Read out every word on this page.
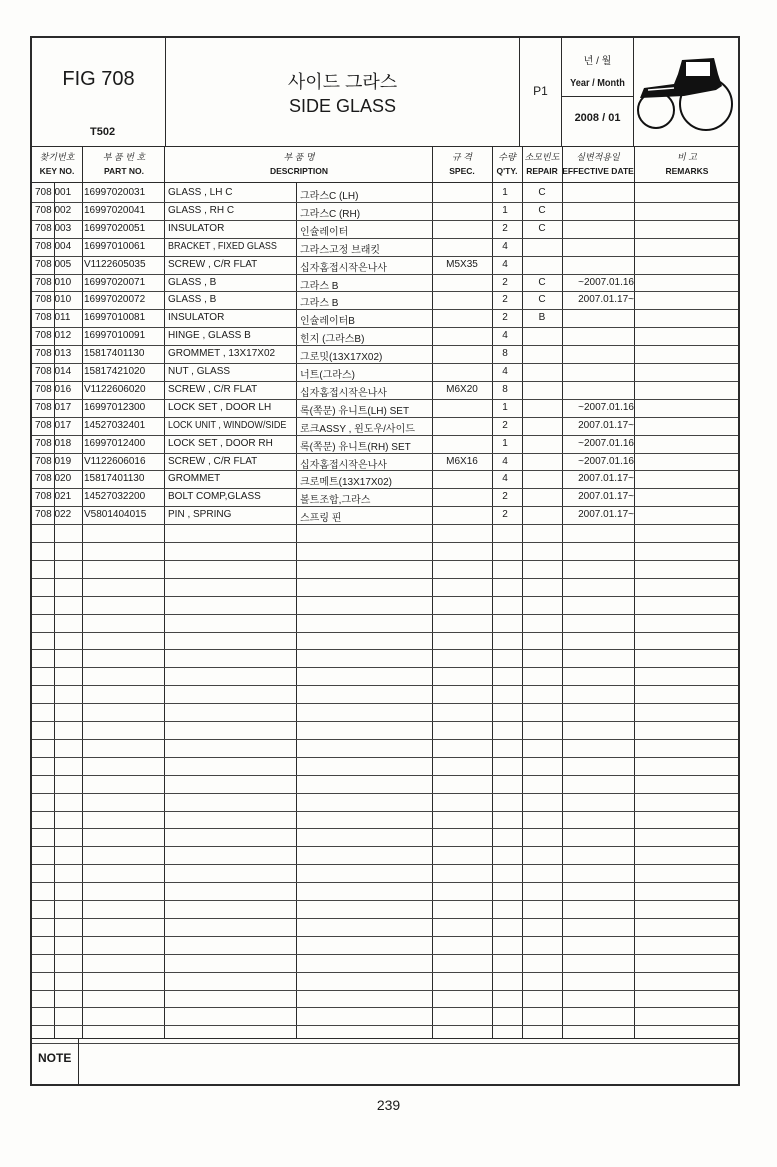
FIG 708
T502
사이드 그라스
SIDE GLASS
P1
년 / 월
Year / Month
2008 / 01
찾기번호
KEY NO.
부 품 번 호
PART NO.
부 품 명
DESCRIPTION
규 격
SPEC.
수량
Q'TY.
소모빈도
REPAIR
실변적용일
EFFECTIVE DATE
비 고
REMARKS
708 001 16997020031 GLASS , LH C	그라스C (LH)	1	C
708 002 16997020041 GLASS , RH C	그라스C (RH)	1	C
708 003 16997020051 INSULATOR	인슐레이터	2	C
708 004 16997010061 BRACKET , FIXED GLASS 그라스고정 브래킷	4
708 005 V1122605035 SCREW , C/R FLAT	십자홈접시작은나사	M5X35	4
708 010 16997020071 GLASS , B	그라스 B	2	C	~2007.01.16
708 010 16997020072 GLASS , B	그라스 B	2	C	2007.01.17~
708 011 16997010081 INSULATOR	인슐레이터B	2	B
708 012 16997010091 HINGE , GLASS B	힌지 (그라스B)	4
708 013 15817401130 GROMMET , 13X17X02 그로밋(13X17X02)	8
708 014 15817421020 NUT , GLASS	너트(그라스)	4
708 016 V1122606020 SCREW , C/R FLAT	십자홈접시작은나사	M6X20	8
708 017 16997012300 LOCK SET , DOOR LH	록(쪽문) 유니트(LH) SET	1	~2007.01.16
708 017 14527032401 LOCK UNIT , WINDOW/SIDE 로크ASSY , 윈도우/사이드	2	2007.01.17~
708 018 16997012400 LOCK SET , DOOR RH	록(쪽문) 유니트(RH) SET	1	~2007.01.16
708 019 V1122606016 SCREW , C/R FLAT	십자홈접시작은나사	M6X16	4	~2007.01.16
708 020 15817401130 GROMMET	크로메트(13X17X02)	4	2007.01.17~
708 021 14527032200 BOLT COMP,GLASS	볼트조합,그라스	2	2007.01.17~
708 022 V5801404015 PIN , SPRING	스프링 핀	2	2007.01.17~
NOTE
239
